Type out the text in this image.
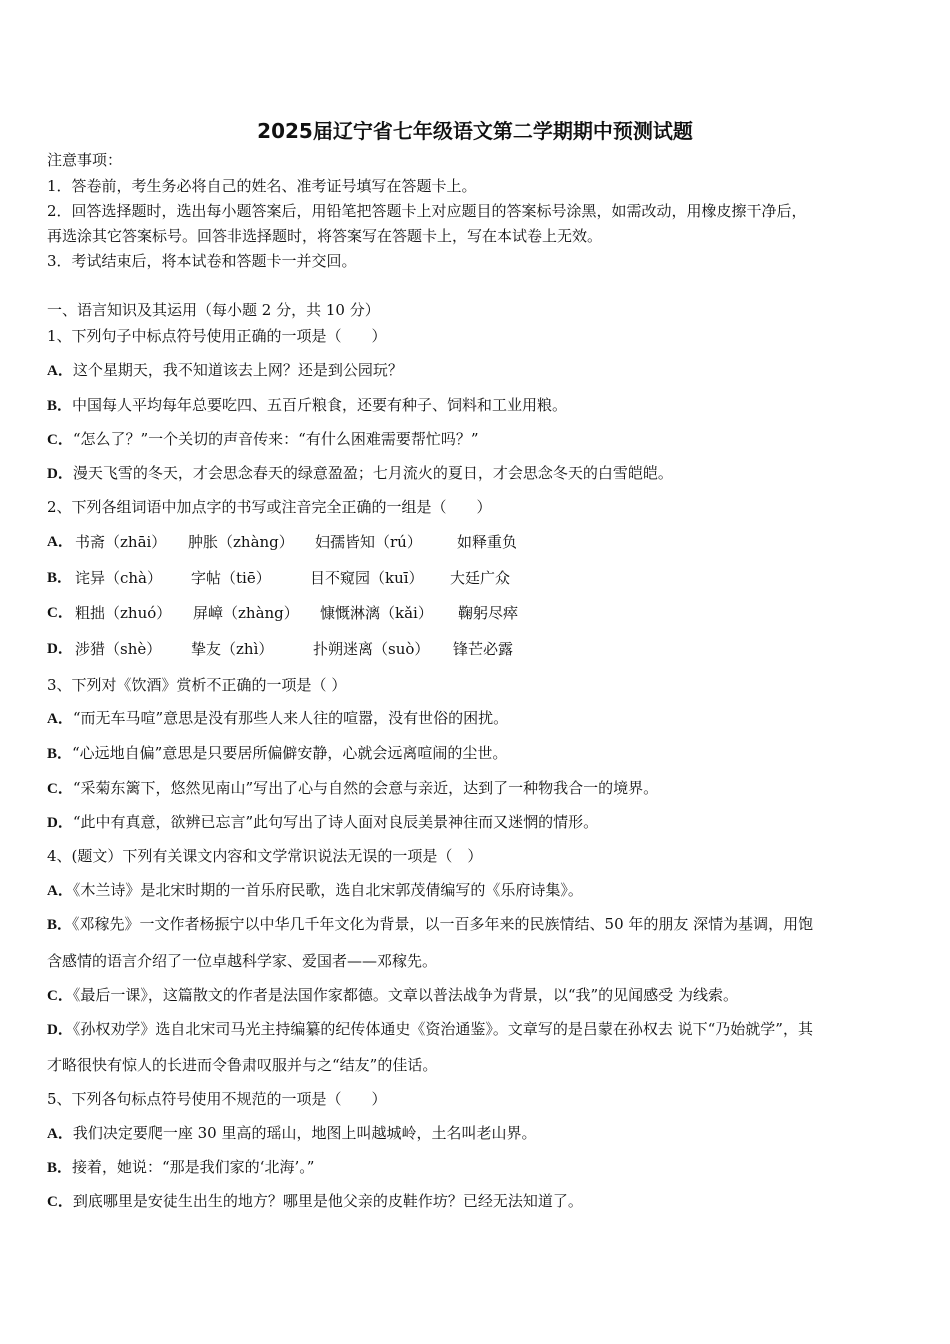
2025届辽宁省七年级语文第二学期期中预测试题
注意事项：
1．答卷前，考生务必将自己的姓名、准考证号填写在答题卡上。
2．回答选择题时，选出每小题答案后，用铅笔把答题卡上对应题目的答案标号涂黑，如需改动，用橡皮擦干净后，
再选涂其它答案标号。回答非选择题时，将答案写在答题卡上，写在本试卷上无效。
3．考试结束后，将本试卷和答题卡一并交回。
一、语言知识及其运用（每小题 2 分，共 10 分）
1、下列句子中标点符号使用正确的一项是（　　）
A．这个星期天，我不知道该去上网？还是到公园玩？
B．中国每人平均每年总要吃四、五百斤粮食，还要有种子、饲料和工业用粮。
C．“怎么了？”一个关切的声音传来：“有什么困难需要帮忙吗？”
D．漫天飞雪的冬天，才会思念春天的绿意盈盈；七月流火的夏日，才会思念冬天的白雪皑皑。
2、下列各组词语中加点字的书写或注音完全正确的一组是（　　）
A． 书斋（zhāi） 肿胀（zhàng） 妇孺皆知（rú） 如释重负
B． 诧异（chà） 字帖（tiē）	目不窥园（kuī） 大廷广众
C． 粗拙（zhuó） 屏嶂（zhàng） 慷慨淋漓（kǎi） 鞠躬尽瘁
D． 涉猎（shè） 挚友（zhì）	扑朔迷离（suò） 锋芒必露
3、下列对《饮酒》赏析不正确的一项是（ ）
A．“而无车马喧”意思是没有那些人来人往的喧嚣，没有世俗的困扰。
B．“心远地自偏”意思是只要居所偏僻安静，心就会远离喧闹的尘世。
C．“采菊东篱下，悠然见南山”写出了心与自然的会意与亲近，达到了一种物我合一的境界。
D．“此中有真意，欲辨已忘言”此句写出了诗人面对良辰美景神往而又迷惘的情形。
4、(题文）下列有关课文内容和文学常识说法无误的一项是（　）
A．《木兰诗》是北宋时期的一首乐府民歌，选自北宋郭茂倩编写的《乐府诗集》。
B．《邓稼先》一文作者杨振宁以中华几千年文化为背景，以一百多年来的民族情结、50 年的朋友 深情为基调，用饱
含感情的语言介绍了一位卓越科学家、爱国者——邓稼先。
C．《最后一课》，这篇散文的作者是法国作家都德。文章以普法战争为背景，以“我”的见闻感受 为线索。
D．《孙权劝学》选自北宋司马光主持编纂的纪传体通史《资治通鉴》。文章写的是吕蒙在孙权去 说下“乃始就学”，其
才略很快有惊人的长进而令鲁肃叹服并与之“结友”的佳话。
5、下列各句标点符号使用不规范的一项是（　　）
A．我们决定要爬一座 30 里高的瑶山，地图上叫越城岭，土名叫老山界。
B．接着，她说：“那是我们家的‘北海’。”
C．到底哪里是安徒生出生的地方？哪里是他父亲的皮鞋作坊？已经无法知道了。
